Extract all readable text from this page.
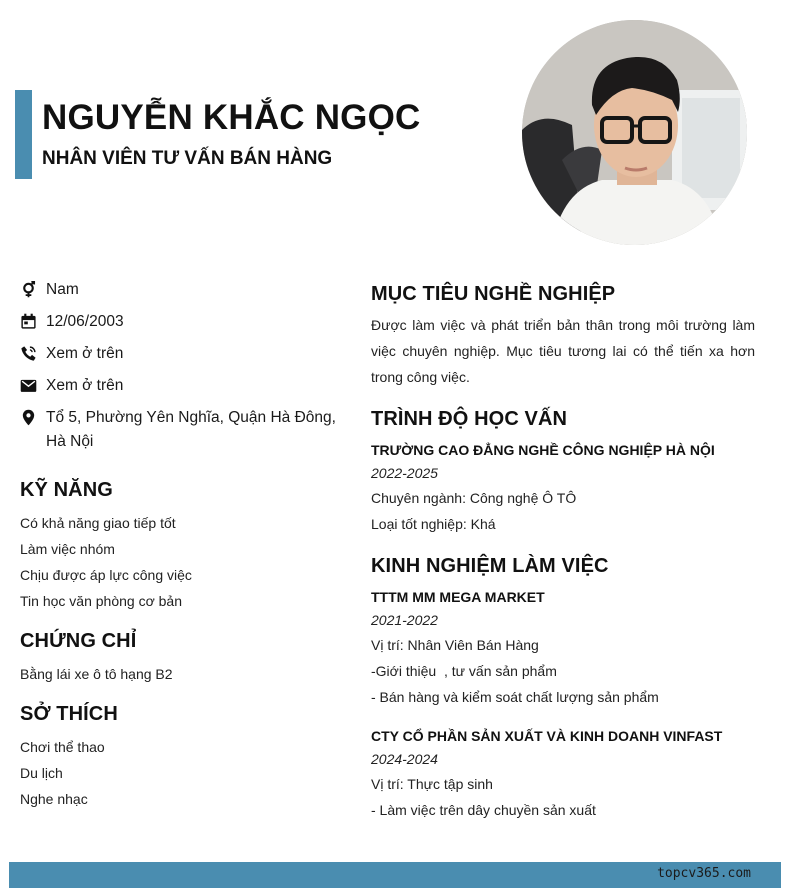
NGUYỄN KHẮC NGỌC
NHÂN VIÊN TƯ VẤN BÁN HÀNG
Nam
12/06/2003
Xem ở trên
Xem ở trên
Tổ 5, Phường Yên Nghĩa, Quận Hà Đông, Hà Nội
KỸ NĂNG
Có khả năng giao tiếp tốt
Làm việc nhóm
Chịu được áp lực công việc
Tin học văn phòng cơ bản
CHỨNG CHỈ
Bằng lái xe ô tô hạng B2
SỞ THÍCH
Chơi thể thao
Du lịch
Nghe nhạc
MỤC TIÊU NGHỀ NGHIỆP
Được làm việc và phát triển bản thân trong môi trường làm việc chuyên nghiệp. Mục tiêu tương lai có thể tiến xa hơn trong công việc.
TRÌNH ĐỘ HỌC VẤN
TRƯỜNG CAO ĐẲNG NGHỀ CÔNG NGHIỆP HÀ NỘI
2022-2025
Chuyên ngành: Công nghệ Ô TÔ
Loại tốt nghiệp: Khá
KINH NGHIỆM LÀM VIỆC
TTTM MM MEGA MARKET
2021-2022
Vị trí: Nhân Viên Bán Hàng
-Giới thiệu  , tư vấn sản phẩm
- Bán hàng và kiểm soát chất lượng sản phẩm
CTY CỔ PHẦN SẢN XUẤT VÀ KINH DOANH VINFAST
2024-2024
Vị trí: Thực tập sinh
- Làm việc trên dây chuyền sản xuất
topcv365.com
